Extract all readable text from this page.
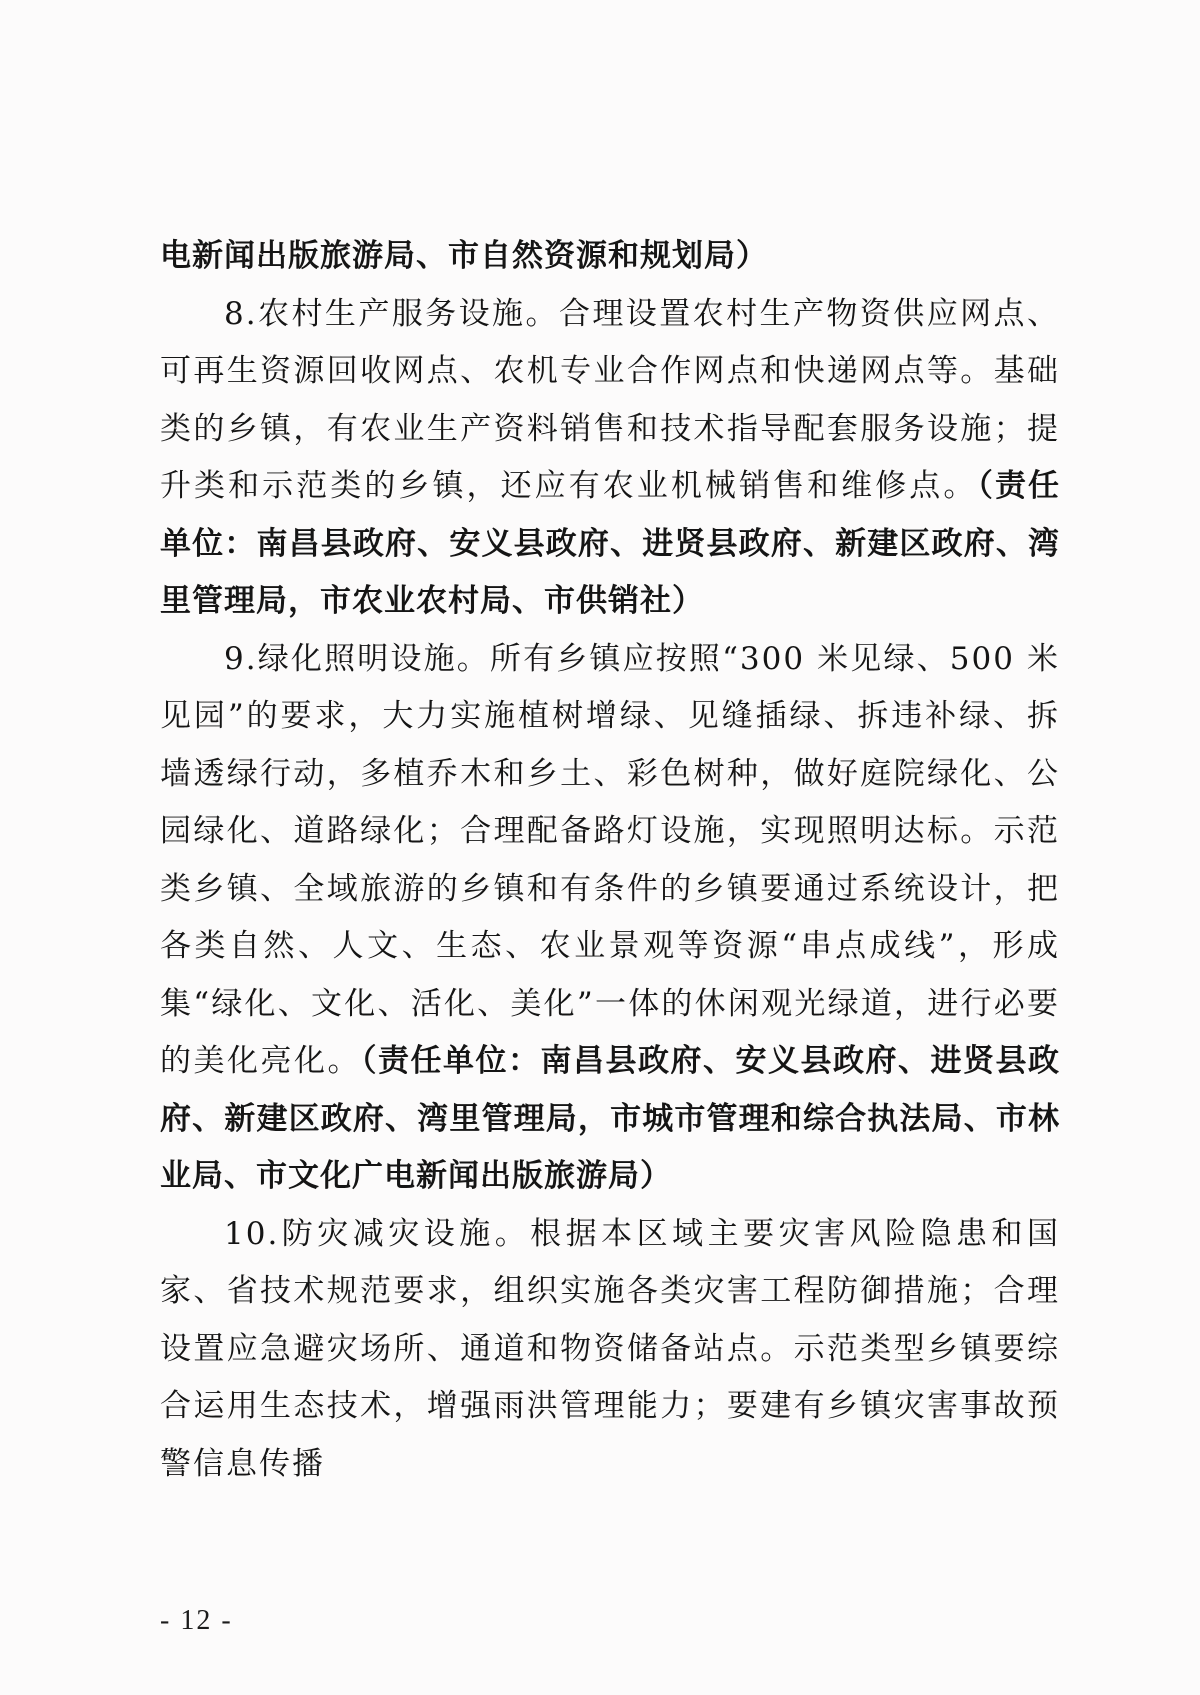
电新闻出版旅游局、市自然资源和规划局）

8.农村生产服务设施。合理设置农村生产物资供应网点、可再生资源回收网点、农机专业合作网点和快递网点等。基础类的乡镇，有农业生产资料销售和技术指导配套服务设施；提升类和示范类的乡镇，还应有农业机械销售和维修点。（责任单位：南昌县政府、安义县政府、进贤县政府、新建区政府、湾里管理局，市农业农村局、市供销社）

9.绿化照明设施。所有乡镇应按照“300 米见绿、500 米见园”的要求，大力实施植树增绿、见缝插绿、拆违补绿、拆墙透绿行动，多植乔木和乡土、彩色树种，做好庭院绿化、公园绿化、道路绿化；合理配备路灯设施，实现照明达标。示范类乡镇、全域旅游的乡镇和有条件的乡镇要通过系统设计，把各类自然、人文、生态、农业景观等资源“串点成线”，形成集“绿化、文化、活化、美化”一体的休闲观光绿道，进行必要的美化亮化。（责任单位：南昌县政府、安义县政府、进贤县政府、新建区政府、湾里管理局，市城市管理和综合执法局、市林业局、市文化广电新闻出版旅游局）

10.防灾减灾设施。根据本区域主要灾害风险隐患和国家、省技术规范要求，组织实施各类灾害工程防御措施；合理设置应急避灾场所、通道和物资储备站点。示范类型乡镇要综合运用生态技术，增强雨洪管理能力；要建有乡镇灾害事故预警信息传播

- 12 -
